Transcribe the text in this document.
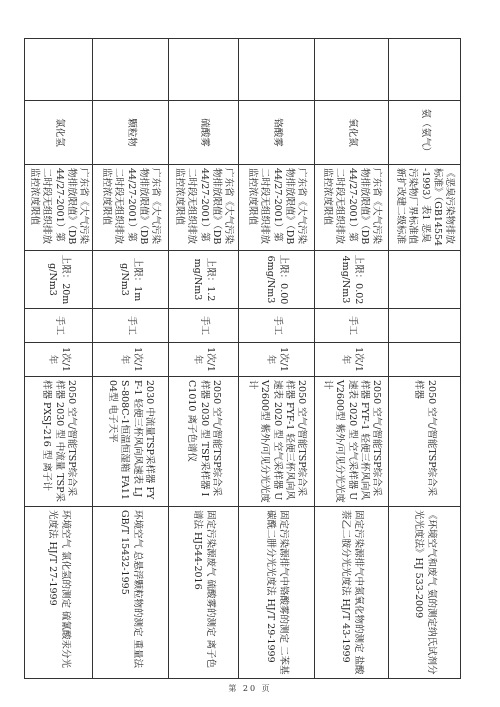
	氨（氨气）	《恶臭污染物排放标准》（GB14554-1993）表1 恶臭污染物厂界标准值新扩改建二级标准				2050 空气/智能TSP综合采样器	《环境空气和废气 氨的测定纳氏试剂分光光度法》HJ 533-2009
	氧化氮	广东省《大气污染物排放限值》（DB44/27-2001）第二时段无组织排放监控浓度限值	上限：0.024mg/Nm3	手工	1次/1年	2050 空气/智能TSP综合采样器 FYF-1 轻便三杯风向风速表 2020 型 空气采样器 UV2600型 紫外/可见分光光度计	固定污染源排气中氮氧化物的测定 盐酸萘乙二胺分光光度法 HJ/T 43-1999
	铬酸雾	广东省《大气污染物排放限值》（DB44/27-2001）第二时段无组织排放监控浓度限值	上限：0.006mg/Nm3	手工	1次/1年	2050 空气/智能TSP综合采样器 FYF-1 轻便三杯风向风速表 2020 型 空气采样器 UV2600型 紫外/可见分光光度计	固定污染源排气中铬酸雾的测定 二苯基碳酰二肼分光光度法 HJ/T 29-1999
	硫酸雾	广东省《大气污染物排放限值》（DB44/27-2001）第二时段无组织排放监控浓度限值	上限：1.2mg/Nm3	手工	1次/1年	2050 空气/智能TSP综合采样器 2030 型 TSP采样器 IC1010 离子色谱仪	固定污染源废气 硫酸雾的测定 离子色谱法 HJ544-2016
	颗粒物	广东省《大气污染物排放限值》（DB44/27-2001）第二时段无组织排放监控浓度限值	上限：1mg/Nm3	手工	1次/1年	2030 中流量TSP采样器 FYF-1 轻便三杯风向风速表 LJS-808C-1恒温恒湿箱 FA1104型 电子天平	环境空气 总悬浮颗粒物的测定 重量法 GB/T 15432-1995
	氯化氢	广东省《大气污染物排放限值》（DB44/27-2001）第二时段无组织排放监控浓度限值	上限：20mg/Nm3	手工	1次/1年	2050 空气/智能TSP综合采样器 2030 型 中流量 TSP采样器 PXSJ-216 型 离子计	环境空气 氯化氢的测定 硫氰酸汞分光光度法 HJ/T 27-1999
第 20 页
